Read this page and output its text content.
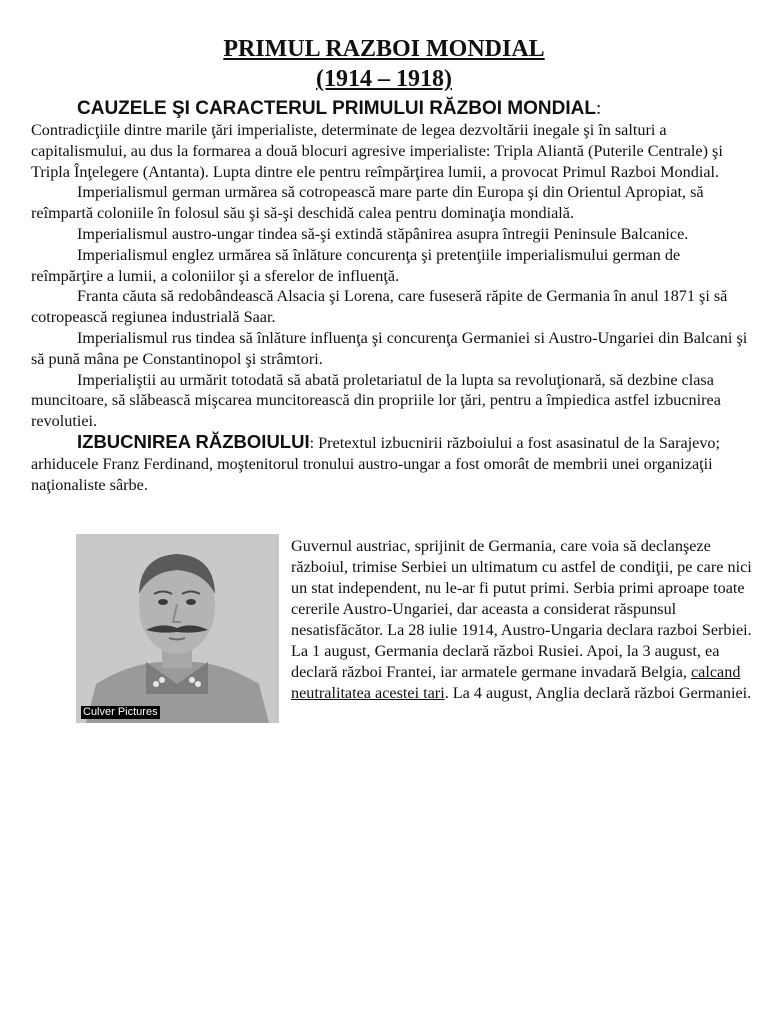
PRIMUL RAZBOI MONDIAL
(1914 – 1918)
CAUZELE ŞI CARACTERUL PRIMULUI RĂZBOI MONDIAL:

Contradicţiile dintre marile ţări imperialiste, determinate de legea dezvoltării inegale şi în salturi a capitalismului, au dus la formarea a două blocuri agresive imperialiste: Tripla Aliantă (Puterile Centrale) şi Tripla Înţelegere (Antanta). Lupta dintre ele pentru reîmpărţirea lumii, a provocat Primul Razboi Mondial.

Imperialismul german urmărea să cotropească mare parte din Europa şi din Orientul Apropiat, să reîmpartă coloniile în folosul său şi să-şi deschidă calea pentru dominaţia mondială.

Imperialismul austro-ungar tindea să-şi extindă stăpânirea asupra întregii Peninsule Balcanice.

Imperialismul englez urmărea să înlăture concurenţa şi pretenţiile imperialismului german de reîmpărţire a lumii, a coloniilor şi a sferelor de influenţă.

Franta căuta să redobândească Alsacia şi Lorena, care fuseseră răpite de Germania în anul 1871 şi să cotropească regiunea industrială Saar.

Imperialismul rus tindea să înlăture influenţa şi concurenţa Germaniei si Austro-Ungariei din Balcani şi să pună mâna pe Constantinopol şi strâmtori.

Imperialiştii au urmărit totodată să abată proletariatul de la lupta sa revoluţionară, să dezbine clasa muncitoare, să slăbească mişcarea muncitorească din propriile lor ţări, pentru a împiedica astfel izbucnirea revolutiei.

IZBUCNIREA RĂZBOIULUI: Pretextul izbucnirii războiului a fost asasinatul de la Sarajevo; arhiducele Franz Ferdinand, moştenitorul tronului austro-ungar a fost omorât de membrii unei organizaţii naţionaliste sârbe.

Culver Pictures
Guvernul austriac, sprijinit de Germania, care voia să declanşeze războiul, trimise Serbiei un ultimatum cu astfel de condiţii, pe care nici un stat independent, nu le-ar fi putut primi. Serbia primi aproape toate cererile Austro-Ungariei, dar aceasta a considerat răspunsul nesatisfăcător. La 28 iulie 1914, Austro-Ungaria declara razboi Serbiei. La 1 august, Germania declară război Rusiei. Apoi, la 3 august, ea declară război Frantei, iar armatele germane invadară Belgia, calcand neutralitatea acestei tari. La 4 august, Anglia declară război Germaniei.
